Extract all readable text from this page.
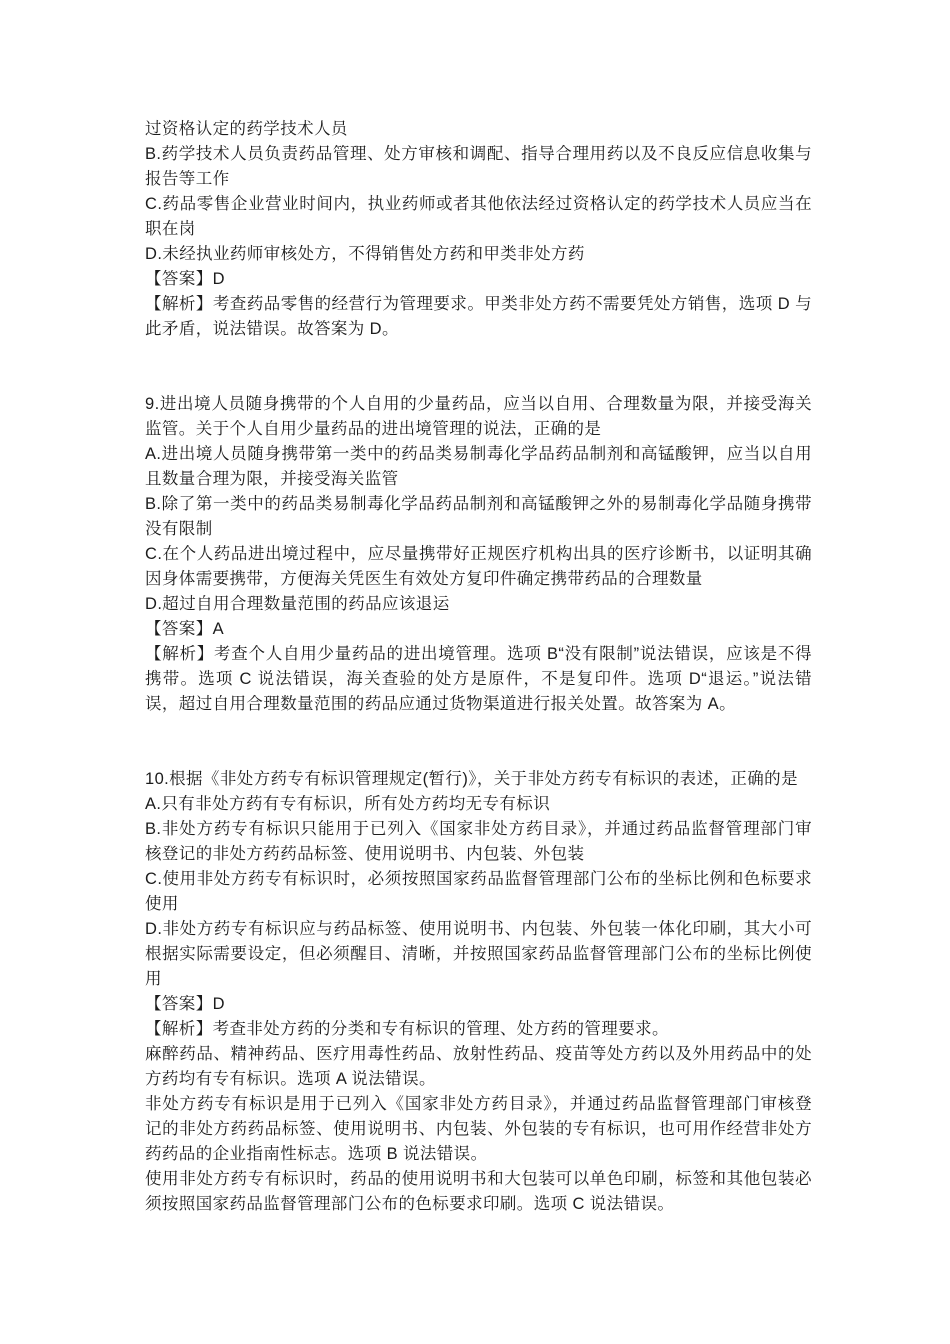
过资格认定的药学技术人员

B.药学技术人员负责药品管理、处方审核和调配、指导合理用药以及不良反应信息收集与报告等工作

C.药品零售企业营业时间内，执业药师或者其他依法经过资格认定的药学技术人员应当在职在岗

D.未经执业药师审核处方，不得销售处方药和甲类非处方药

【答案】D

【解析】考查药品零售的经营行为管理要求。甲类非处方药不需要凭处方销售，选项 D 与此矛盾，说法错误。故答案为 D。

9.进出境人员随身携带的个人自用的少量药品，应当以自用、合理数量为限，并接受海关监管。关于个人自用少量药品的进出境管理的说法，正确的是

A.进出境人员随身携带第一类中的药品类易制毒化学品药品制剂和高锰酸钾，应当以自用且数量合理为限，并接受海关监管

B.除了第一类中的药品类易制毒化学品药品制剂和高锰酸钾之外的易制毒化学品随身携带没有限制

C.在个人药品进出境过程中，应尽量携带好正规医疗机构出具的医疗诊断书，以证明其确因身体需要携带，方便海关凭医生有效处方复印件确定携带药品的合理数量

D.超过自用合理数量范围的药品应该退运

【答案】A

【解析】考查个人自用少量药品的进出境管理。选项 B“没有限制”说法错误，应该是不得携带。选项 C 说法错误，海关查验的处方是原件，不是复印件。选项 D“退运。”说法错误，超过自用合理数量范围的药品应通过货物渠道进行报关处置。故答案为 A。

10.根据《非处方药专有标识管理规定(暂行)》，关于非处方药专有标识的表述，正确的是

A.只有非处方药有专有标识，所有处方药均无专有标识

B.非处方药专有标识只能用于已列入《国家非处方药目录》，并通过药品监督管理部门审核登记的非处方药药品标签、使用说明书、内包装、外包装

C.使用非处方药专有标识时，必须按照国家药品监督管理部门公布的坐标比例和色标要求使用

D.非处方药专有标识应与药品标签、使用说明书、内包装、外包装一体化印刷，其大小可根据实际需要设定，但必须醒目、清晰，并按照国家药品监督管理部门公布的坐标比例使用

【答案】D

【解析】考查非处方药的分类和专有标识的管理、处方药的管理要求。

麻醉药品、精神药品、医疗用毒性药品、放射性药品、疫苗等处方药以及外用药品中的处方药均有专有标识。选项 A 说法错误。

非处方药专有标识是用于已列入《国家非处方药目录》，并通过药品监督管理部门审核登记的非处方药药品标签、使用说明书、内包装、外包装的专有标识，也可用作经营非处方药药品的企业指南性标志。选项 B 说法错误。

使用非处方药专有标识时，药品的使用说明书和大包装可以单色印刷，标签和其他包装必须按照国家药品监督管理部门公布的色标要求印刷。选项 C 说法错误。
